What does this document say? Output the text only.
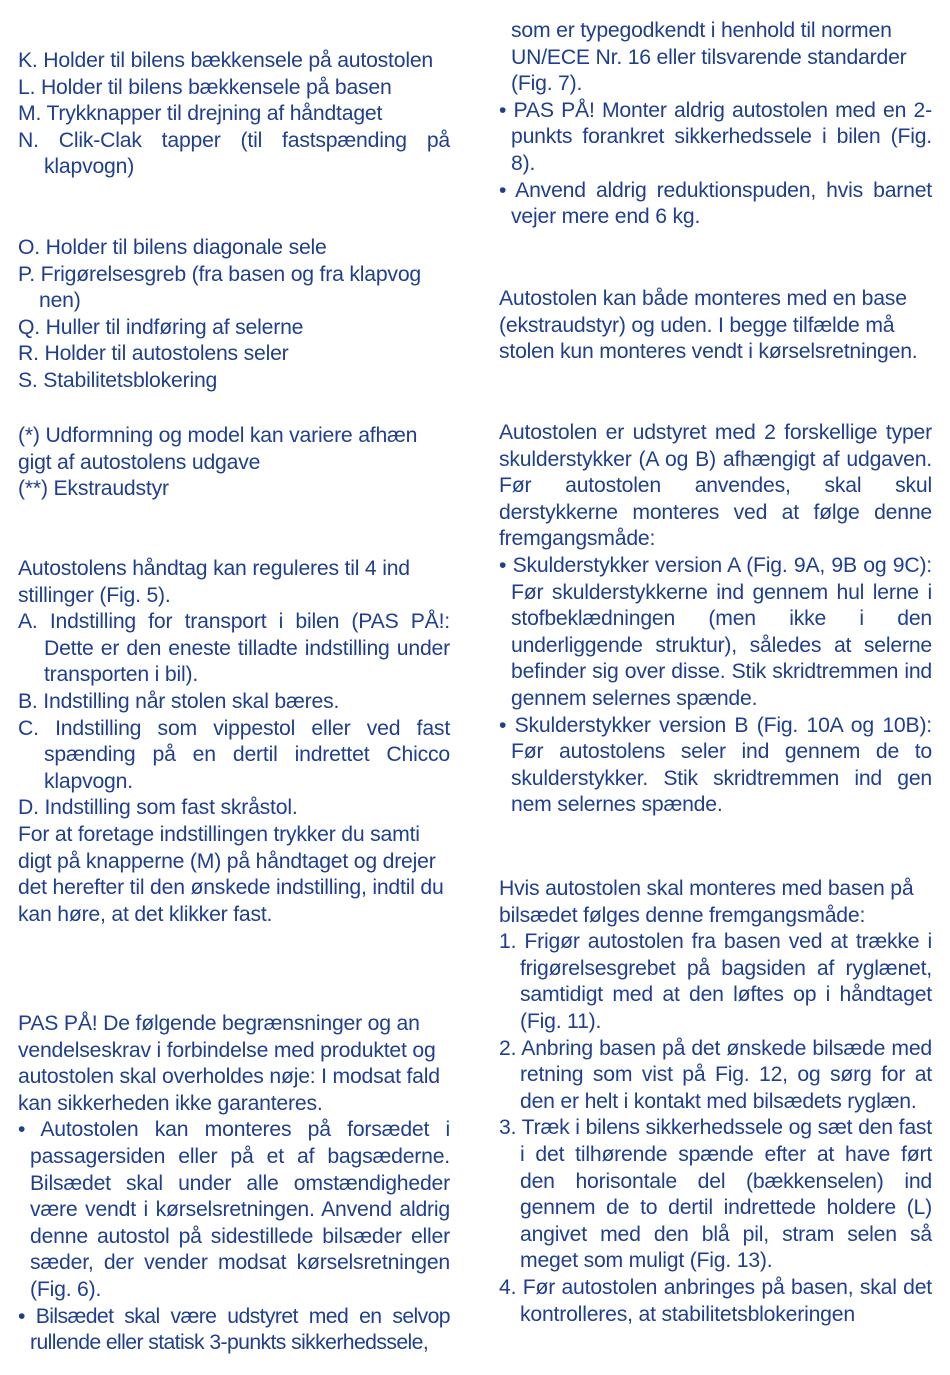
K. Holder til bilens bækkensele på autostolen

L. Holder til bilens bækkensele på basen

M. Trykknapper til drejning af håndtaget

N. Clik-Clak tapper (til fastspænding på klapvogn)

O. Holder til bilens diagonale sele

P. Frigørelsesgreb (fra basen og fra klapvog nen)

Q. Huller til indføring af selerne

R. Holder til autostolens seler

S. Stabilitetsblokering

(*) Udformning og model kan variere afhæn gigt af autostolens udgave

(**) Ekstraudstyr

Autostolens håndtag kan reguleres til 4 ind stillinger (Fig. 5).

A. Indstilling for transport i bilen (PAS PÅ!: Dette er den eneste tilladte indstilling under transporten i bil).

B. Indstilling når stolen skal bæres.

C. Indstilling som vippestol eller ved fast spænding på en dertil indrettet Chicco klapvogn.

D. Indstilling som fast skråstol.

For at foretage indstillingen trykker du samti digt på knapperne (M) på håndtaget og drejer det herefter til den ønskede indstilling, indtil du kan høre, at det klikker fast.

PAS PÅ! De følgende begrænsninger og an vendelseskrav i forbindelse med produktet og autostolen skal overholdes nøje: I modsat fald kan sikkerheden ikke garanteres.

• Autostolen kan monteres på forsædet i passagersiden eller på et af bagsæderne. Bilsædet skal under alle omstændigheder være vendt i kørselsretningen. Anvend aldrig denne autostol på sidestillede bilsæder eller sæder, der vender modsat kørselsretningen (Fig. 6).

• Bilsædet skal være udstyret med en selvop rullende eller statisk 3-punkts sikkerhedssele,

som er typegodkendt i henhold til normen UN/ECE Nr. 16 eller tilsvarende standarder (Fig. 7).

• PAS PÅ! Monter aldrig autostolen med en 2-punkts forankret sikkerhedssele i bilen (Fig. 8).

• Anvend aldrig reduktionspuden, hvis barnet vejer mere end 6 kg.

Autostolen kan både monteres med en base (ekstraudstyr) og uden. I begge tilfælde må stolen kun monteres vendt i kørselsretningen.

Autostolen er udstyret med 2 forskellige typer skulderstykker (A og B) afhængigt af udgaven. Før autostolen anvendes, skal skul derstykkerne monteres ved at følge denne fremgangsmåde:

• Skulderstykker version A (Fig. 9A, 9B og 9C): Før skulderstykkerne ind gennem hul lerne i stofbeklædningen (men ikke i den underliggende struktur), således at selerne befinder sig over disse. Stik skridtremmen ind gennem selernes spænde.

• Skulderstykker version B (Fig. 10A og 10B): Før autostolens seler ind gennem de to skulderstykker. Stik skridtremmen ind gen nem selernes spænde.

Hvis autostolen skal monteres med basen på bilsædet følges denne fremgangsmåde:

1. Frigør autostolen fra basen ved at trække i frigørelsesgrebet på bagsiden af ryglænet, samtidigt med at den løftes op i håndtaget (Fig. 11).

2. Anbring basen på det ønskede bilsæde med retning som vist på Fig. 12, og sørg for at den er helt i kontakt med bilsædets ryglæn.

3. Træk i bilens sikkerhedssele og sæt den fast i det tilhørende spænde efter at have ført den horisontale del (bækkenselen) ind gennem de to dertil indrettede holdere (L) angivet med den blå pil, stram selen så meget som muligt (Fig. 13).

4. Før autostolen anbringes på basen, skal det kontrolleres, at stabilitetsblokeringen
